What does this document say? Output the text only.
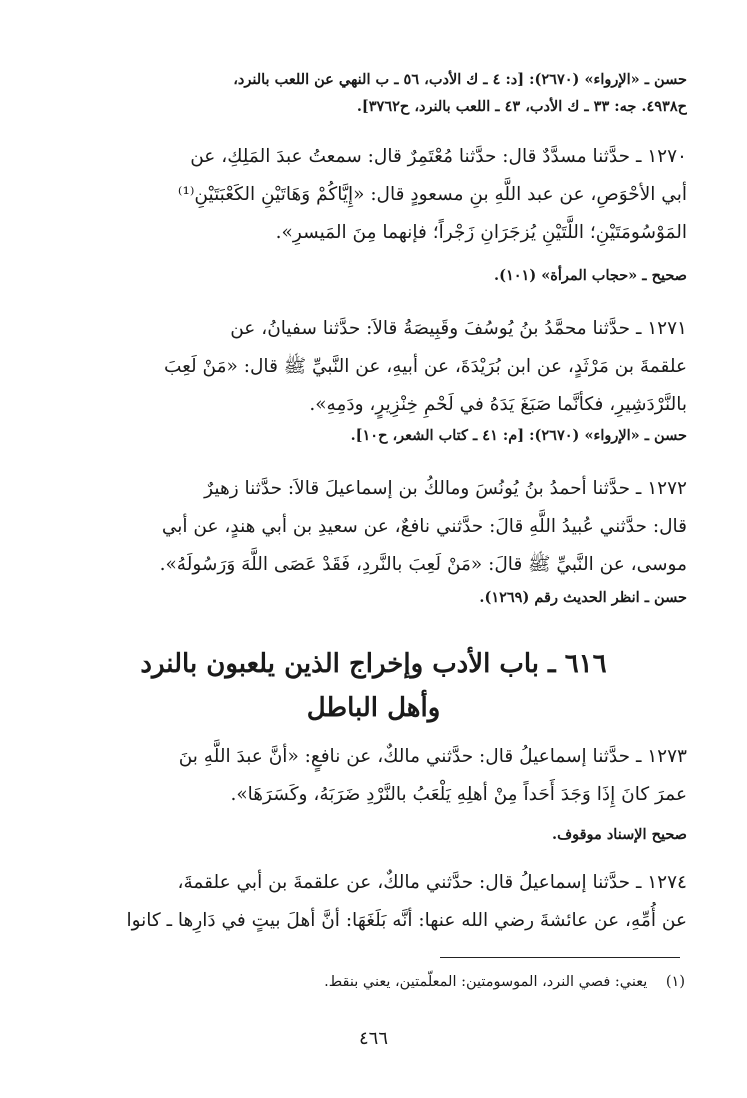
حسن ـ «الإرواء» (٢٦٧٠): [د: ٤ ـ ك الأدب، ٥٦ ـ ب النهي عن اللعب بالنرد،
ح٤٩٣٨. جه: ٣٣ ـ ك الأدب، ٤٣ ـ اللعب بالنرد، ح٣٧٦٢].
١٢٧٠ ـ حدَّثنا مسدَّدٌ قال: حدَّثنا مُعْتَمِرٌ قال: سمعتُ عبدَ المَلِكِ، عن
أبي الأحْوَصِ، عن عبد اللَّهِ بنِ مسعودٍ قال: «إِيَّاكُمْ وَهَاتَيْنِ الكَعْبَتَيْنِ⁽¹⁾
المَوْسُومَتَيْنِ؛ اللَّتَيْنِ يُزجَرَانِ زَجْراً؛ فإنهما مِنَ المَيسرِ».
صحيح ـ «حجاب المرأة» (١٠١).
١٢٧١ ـ حدَّثنا محمَّدُ بنُ يُوسُفَ وقَبِيصَةُ قالاَ: حدَّثنا سفيانُ، عن
علقمةَ بن مَرْثَدٍ، عن ابن بُرَيْدَةَ، عن أبيهِ، عن النَّبيِّ ﷺ قال: «مَنْ لَعِبَ
بالنَّرْدَشِيرِ، فكأنَّما صَبَغَ يَدَهُ في لَحْمِ خِنْزِيرٍ، ودَمِهِ».
حسن ـ «الإرواء» (٢٦٧٠): [م: ٤١ ـ كتاب الشعر، ح١٠].
١٢٧٢ ـ حدَّثنا أحمدُ بنُ يُونُسَ ومالكُ بن إسماعيلَ قالاَ: حدَّثنا زهيرٌ
قال: حدَّثني عُبيدُ اللَّهِ قالَ: حدَّثني نافعٌ، عن سعيدِ بن أبي هندٍ، عن أبي
موسى، عن النَّبيِّ ﷺ قالَ: «مَنْ لَعِبَ بالنَّردِ، فَقَدْ عَصَى اللَّهَ وَرَسُولَهُ».
حسن ـ انظر الحديث رقم (١٢٦٩).
٦١٦ ـ باب الأدب وإخراج الذين يلعبون بالنرد
وأهل الباطل
١٢٧٣ ـ حدَّثنا إسماعيلُ قال: حدَّثني مالكٌ، عن نافعٍ: «أنَّ عبدَ اللَّهِ بنَ
عمرَ كانَ إِذَا وَجَدَ أَحَداً مِنْ أهلِهِ يَلْعَبُ بالنَّرْدِ ضَرَبَهُ، وكَسَرَهَا».
صحيح الإسناد موقوف.
١٢٧٤ ـ حدَّثنا إسماعيلُ قال: حدَّثني مالكٌ، عن علقمةَ بن أبي علقمةَ،
عن أُمِّهِ، عن عائشةَ رضي الله عنها: أنَّه بَلَغَهَا: أنَّ أهلَ بيتٍ في دَارِها ـ كانوا
(١) يعني: فصي النرد، الموسومتين: المعلّمتين، يعني بنقط.
٤٦٦
